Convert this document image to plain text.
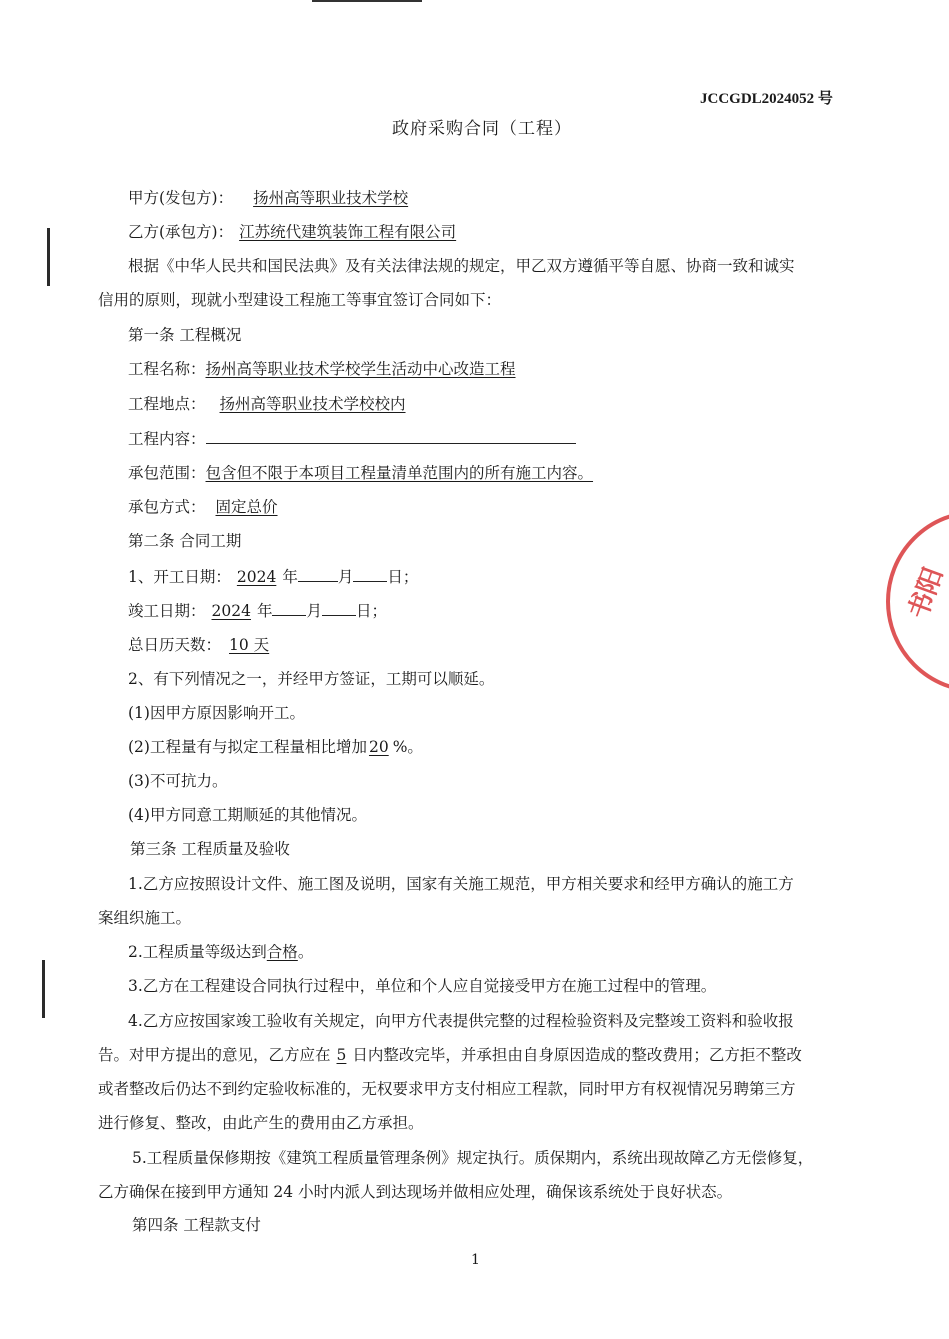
书阳
JCCGDL2024052 号
政府采购合同（工程）
甲方(发包方)： 扬州高等职业技术学校
乙方(承包方)： 江苏统代建筑装饰工程有限公司
根据《中华人民共和国民法典》及有关法律法规的规定，甲乙双方遵循平等自愿、协商一致和诚实
信用的原则，现就小型建设工程施工等事宜签订合同如下：
第一条 工程概况
工程名称：扬州高等职业技术学校学生活动中心改造工程
工程地点： 扬州高等职业技术学校校内
工程内容：
承包范围：包含但不限于本项目工程量清单范围内的所有施工内容。
承包方式： 固定总价
第二条 合同工期
1、开工日期： 2024 年	月 日；
竣工日期： 2024 年 月 日；
总日历天数： 10 天
2、有下列情况之一，并经甲方签证，工期可以顺延。
(1)因甲方原因影响开工。
(2)工程量有与拟定工程量相比增加 20 %。
(3)不可抗力。
(4)甲方同意工期顺延的其他情况。
第三条 工程质量及验收
1.乙方应按照设计文件、施工图及说明，国家有关施工规范，甲方相关要求和经甲方确认的施工方
案组织施工。
2.工程质量等级达到合格。
3.乙方在工程建设合同执行过程中，单位和个人应自觉接受甲方在施工过程中的管理。
4.乙方应按国家竣工验收有关规定，向甲方代表提供完整的过程检验资料及完整竣工资料和验收报
告。对甲方提出的意见，乙方应在 5 日内整改完毕，并承担由自身原因造成的整改费用；乙方拒不整改
或者整改后仍达不到约定验收标准的，无权要求甲方支付相应工程款，同时甲方有权视情况另聘第三方
进行修复、整改，由此产生的费用由乙方承担。
5.工程质量保修期按《建筑工程质量管理条例》规定执行。质保期内，系统出现故障乙方无偿修复，
乙方确保在接到甲方通知 24 小时内派人到达现场并做相应处理，确保该系统处于良好状态。
第四条 工程款支付
1
